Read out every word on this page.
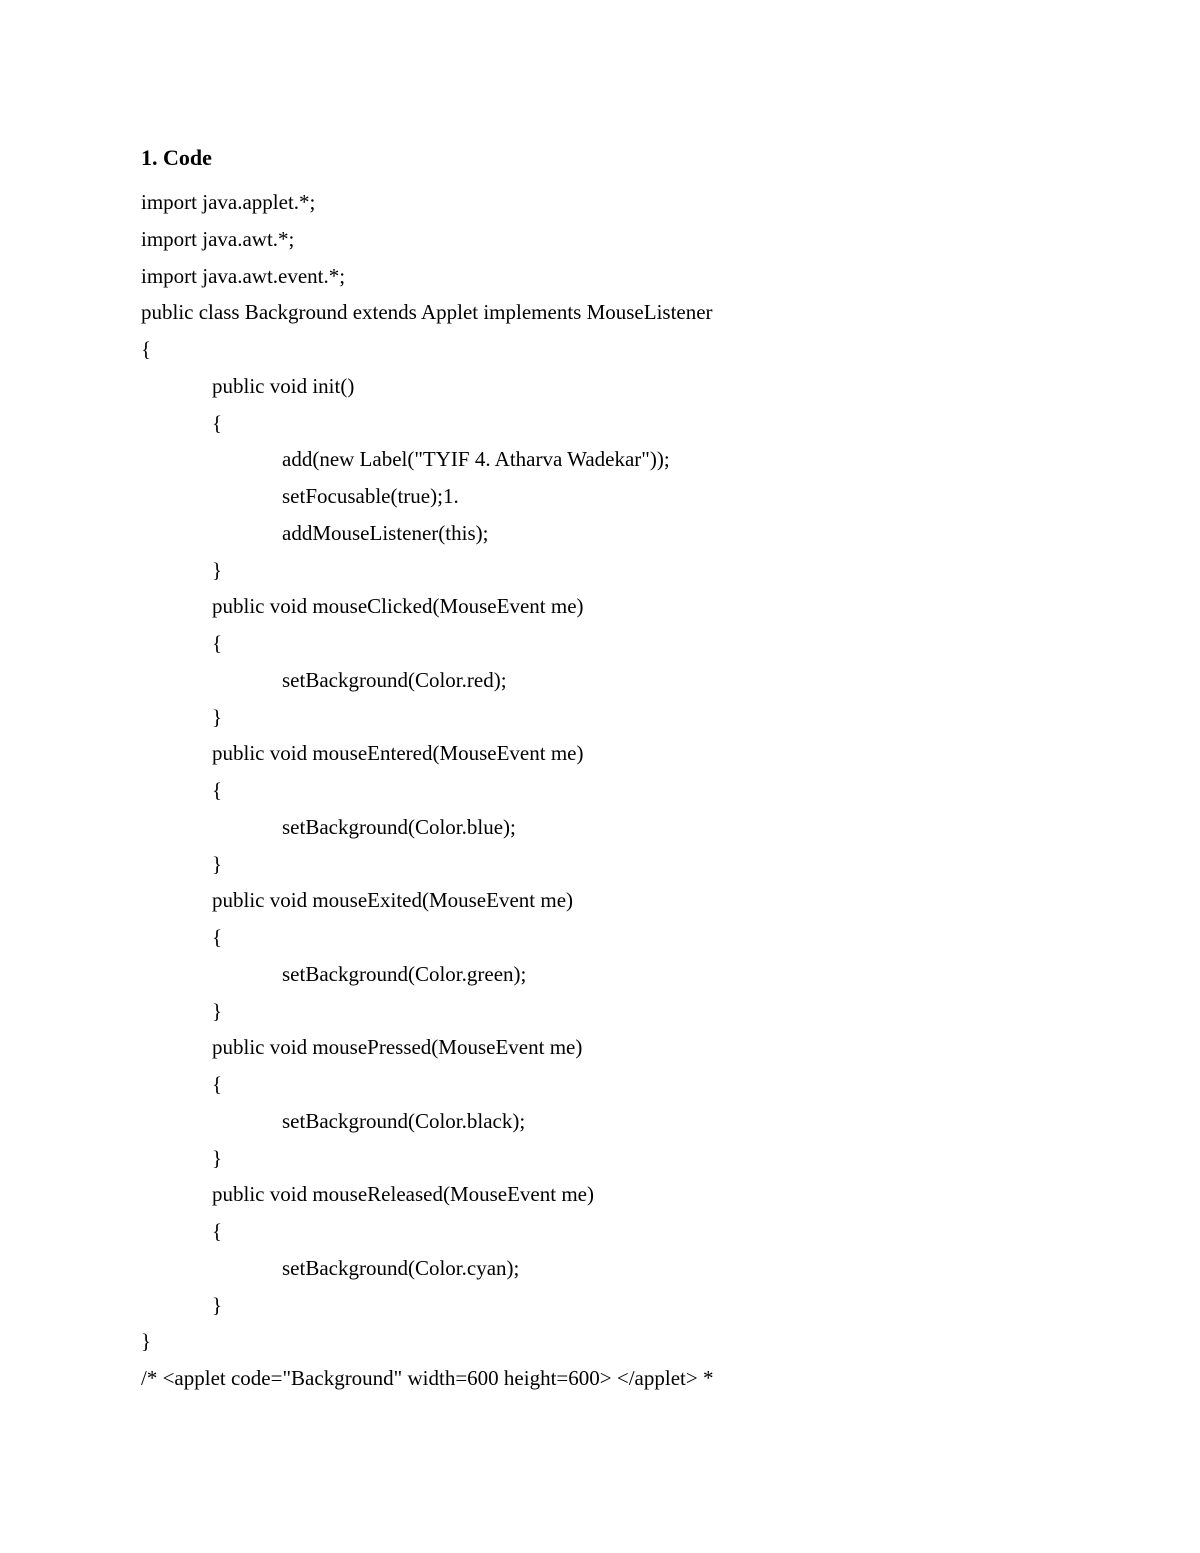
1. Code
import java.applet.*;
import java.awt.*;
import java.awt.event.*;
public class Background extends Applet implements MouseListener
{
public void init()
{
add(new Label("TYIF 4. Atharva Wadekar"));
setFocusable(true);1.
addMouseListener(this);
}
public void mouseClicked(MouseEvent me)
{
setBackground(Color.red);
}
public void mouseEntered(MouseEvent me)
{
setBackground(Color.blue);
}
public void mouseExited(MouseEvent me)
{
setBackground(Color.green);
}
public void mousePressed(MouseEvent me)
{
setBackground(Color.black);
}
public void mouseReleased(MouseEvent me)
{
setBackground(Color.cyan);
}
}
/* <applet code="Background" width=600 height=600> </applet> *
